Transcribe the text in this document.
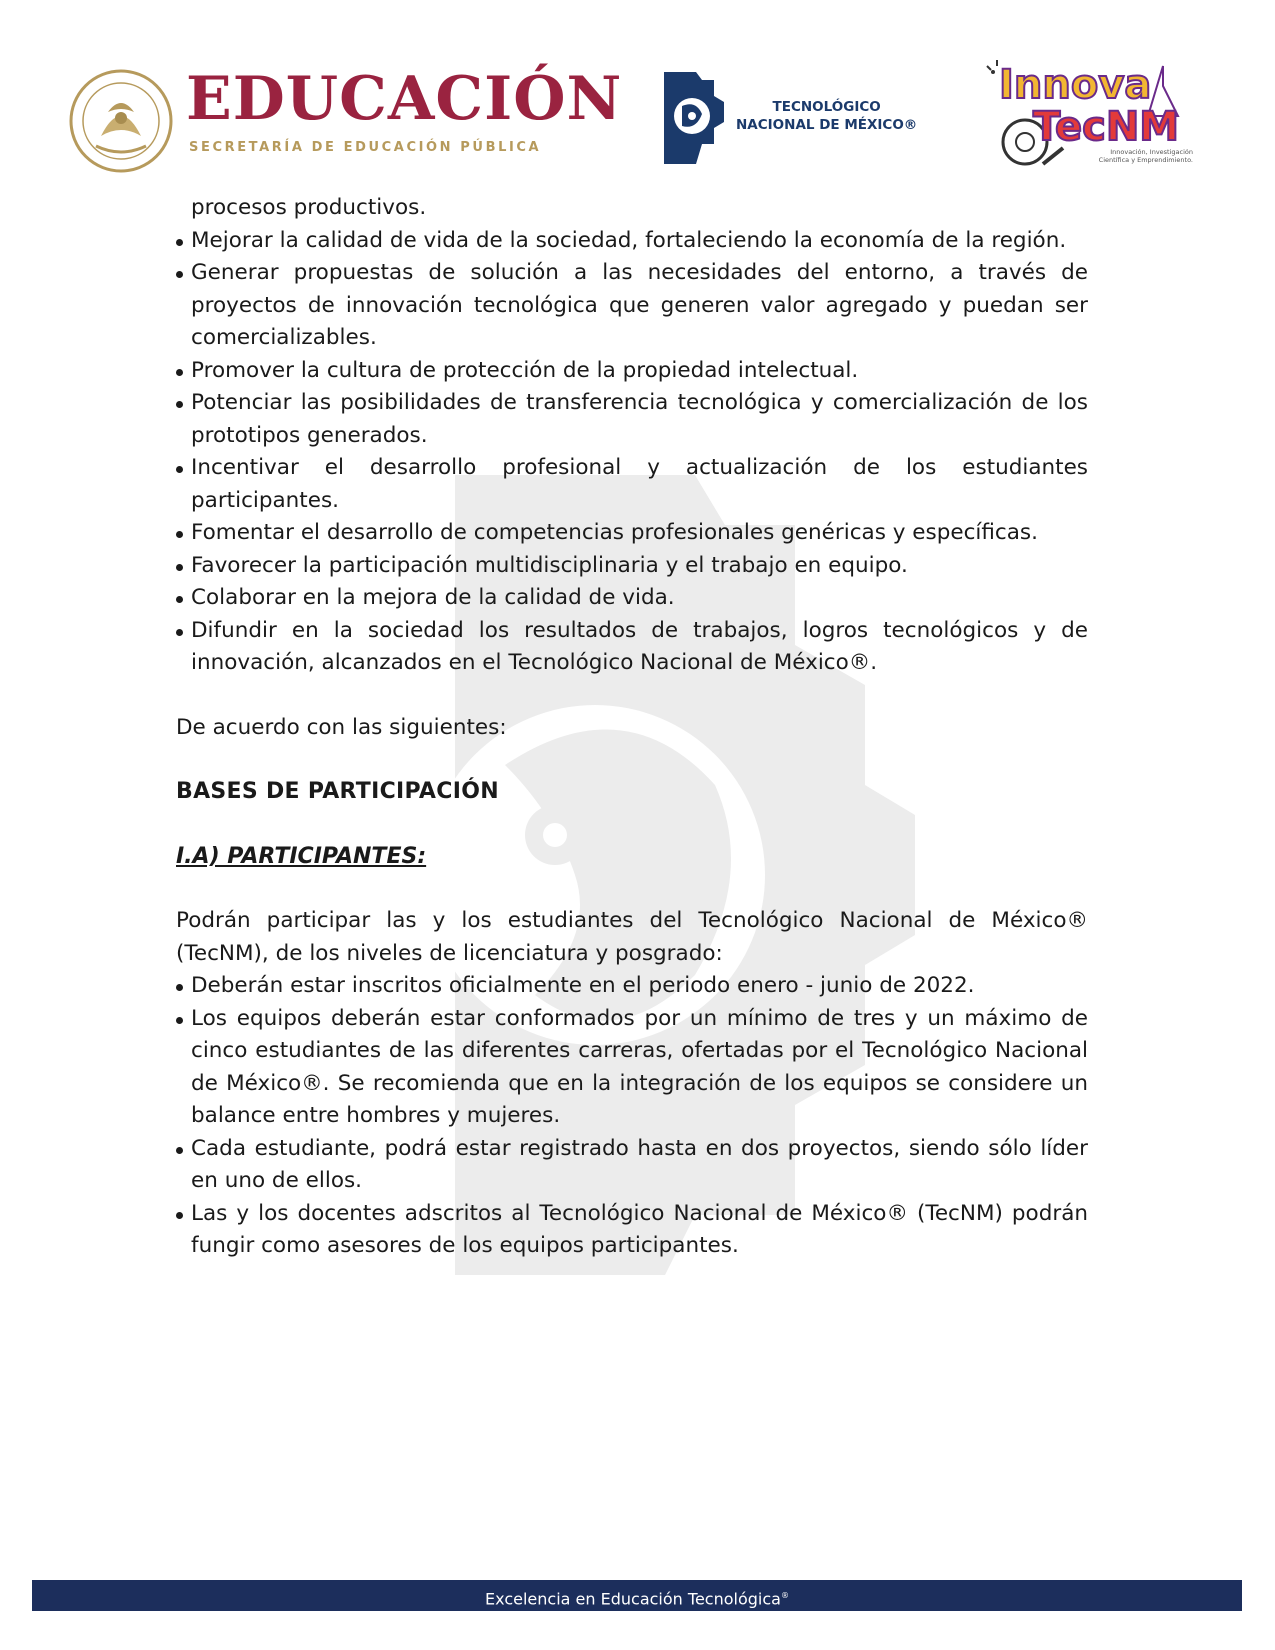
EDUCACIÓN
SECRETARÍA DE EDUCACIÓN PÚBLICA
TECNOLÓGICO
NACIONAL DE MÉXICO®
Innova
TecNM
Innovación, Investigación Científica y Emprendimiento.
procesos productivos.
Mejorar la calidad de vida de la sociedad, fortaleciendo la economía de la región.
Generar propuestas de solución a las necesidades del entorno, a través de proyectos de innovación tecnológica que generen valor agregado y puedan ser comercializables.
Promover la cultura de protección de la propiedad intelectual.
Potenciar las posibilidades de transferencia tecnológica y comercialización de los prototipos generados.
Incentivar el desarrollo profesional y actualización de los estudiantes participantes.
Fomentar el desarrollo de competencias profesionales genéricas y específicas.
Favorecer la participación multidisciplinaria y el trabajo en equipo.
Colaborar en la mejora de la calidad de vida.
Difundir en la sociedad los resultados de trabajos, logros tecnológicos y de innovación, alcanzados en el Tecnológico Nacional de México®.

De acuerdo con las siguientes:

BASES DE PARTICIPACIÓN

I.A) PARTICIPANTES:

Podrán participar las y los estudiantes del Tecnológico Nacional de México® (TecNM), de los niveles de licenciatura y posgrado:

Deberán estar inscritos oficialmente en el periodo enero - junio de 2022.
Los equipos deberán estar conformados por un mínimo de tres y un máximo de cinco estudiantes de las diferentes carreras, ofertadas por el Tecnológico Nacional de México®. Se recomienda que en la integración de los equipos se considere un balance entre hombres y mujeres.
Cada estudiante, podrá estar registrado hasta en dos proyectos, siendo sólo líder en uno de ellos.
Las y los docentes adscritos al Tecnológico Nacional de México® (TecNM) podrán fungir como asesores de los equipos participantes.
Excelencia en Educación Tecnológica®
